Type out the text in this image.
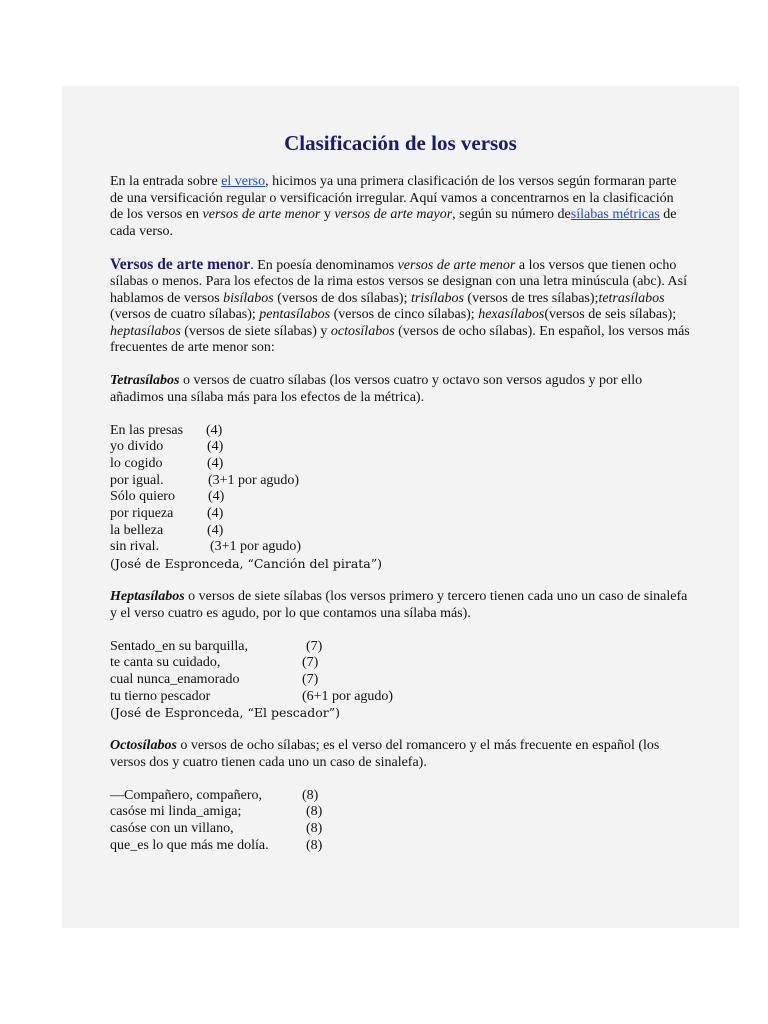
Clasificación de los versos

En la entrada sobre el verso, hicimos ya una primera clasificación de los versos según formaran parte de una versificación regular o versificación irregular. Aquí vamos a concentrarnos en la clasificación de los versos en versos de arte menor y versos de arte mayor, según su número desílabas métricas de cada verso.

Versos de arte menor. En poesía denominamos versos de arte menor a los versos que tienen ocho sílabas o menos. Para los efectos de la rima estos versos se designan con una letra minúscula (abc). Así hablamos de versos bisílabos (versos de dos sílabas); trisílabos (versos de tres sílabas);tetrasílabos (versos de cuatro sílabas); pentasílabos (versos de cinco sílabas); hexasílabos(versos de seis sílabas); heptasílabos (versos de siete sílabas) y octosílabos (versos de ocho sílabas). En español, los versos más frecuentes de arte menor son:

Tetrasílabos o versos de cuatro sílabas (los versos cuatro y octavo son versos agudos y por ello añadimos una sílaba más para los efectos de la métrica).

En las presas (4)
yo divido	(4)
lo cogido	(4)
por igual.	(3+1 por agudo)
Sólo quiero (4)
por riqueza (4)
la belleza	(4)
sin rival.	(3+1 por agudo)

(José de Espronceda, “Canción del pirata”)

Heptasílabos o versos de siete sílabas (los versos primero y tercero tienen cada uno un caso de sinalefa y el verso cuatro es agudo, por lo que contamos una sílaba más).

Sentado_en su barquilla,	(7)
te canta su cuidado,	(7)
cual nunca_enamorado	(7)
tu tierno pescador	(6+1 por agudo)

(José de Espronceda, “El pescador”)

Octosílabos o versos de ocho sílabas; es el verso del romancero y el más frecuente en español (los versos dos y cuatro tienen cada uno un caso de sinalefa).

—Compañero, compañero,	(8)
casóse mi linda_amiga;	(8)
casóse con un villano,	(8)
que_es lo que más me dolía.	(8)
